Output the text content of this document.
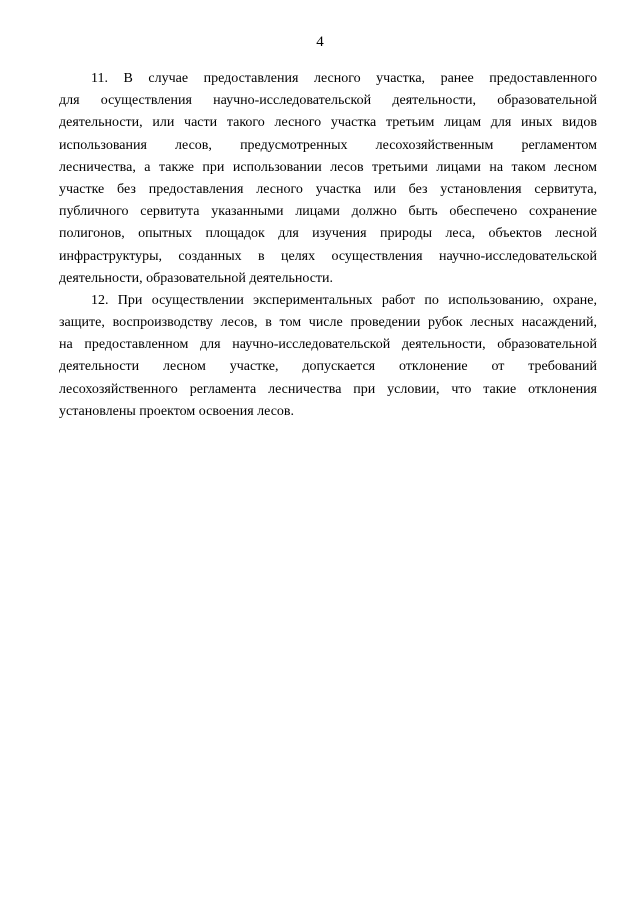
4
11. В случае предоставления лесного участка, ранее предоставленного
для осуществления научно-исследовательской деятельности, образовательной
деятельности, или части такого лесного участка третьим лицам для иных видов
использования лесов, предусмотренных лесохозяйственным регламентом
лесничества, а также при использовании лесов третьими лицами на таком лесном
участке без предоставления лесного участка или без установления сервитута,
публичного сервитута указанными лицами должно быть обеспечено сохранение
полигонов, опытных площадок для изучения природы леса, объектов лесной
инфраструктуры, созданных в целях осуществления научно-исследовательской
деятельности, образовательной деятельности.
12. При осуществлении экспериментальных работ по использованию, охране,
защите, воспроизводству лесов, в том числе проведении рубок лесных насаждений,
на предоставленном для научно-исследовательской деятельности, образовательной
деятельности лесном участке, допускается отклонение от требований
лесохозяйственного регламента лесничества при условии, что такие отклонения
установлены проектом освоения лесов.
